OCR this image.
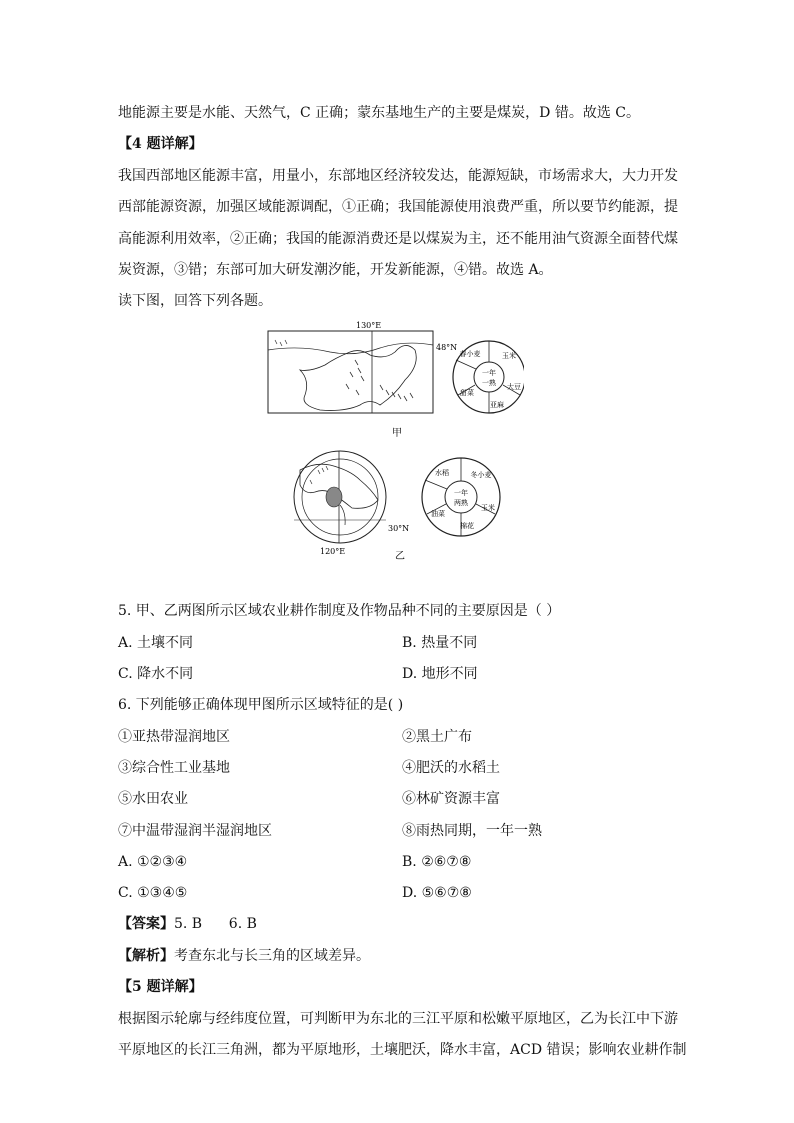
地能源主要是水能、天然气，C 正确；蒙东基地生产的主要是煤炭，D 错。故选 C。
【4 题详解】
我国西部地区能源丰富，用量小，东部地区经济较发达，能源短缺，市场需求大，大力开发
西部能源资源，加强区域能源调配，①正确；我国能源使用浪费严重，所以要节约能源，提
高能源利用效率，②正确；我国的能源消费还是以煤炭为主，还不能用油气资源全面替代煤
炭资源，③错；东部可加大研发潮汐能，开发新能源，④错。故选 A。
读下图，回答下列各题。
130°E
48°N
甲
一年
一熟
春小麦	玉米
大豆
亚麻
甜菜
30°N
120°E	乙
一年
两熟
水稻	冬小麦
玉米
棉花
油菜
5. 甲、乙两图所示区域农业耕作制度及作物品种不同的主要原因是（ ）
A. 土壤不同	B. 热量不同
C. 降水不同	D. 地形不同
6. 下列能够正确体现甲图所示区域特征的是( )
①亚热带湿润地区	②黑土广布
③综合性工业基地	④肥沃的水稻土
⑤水田农业	⑥林矿资源丰富
⑦中温带湿润半湿润地区	⑧雨热同期，一年一熟
A. ①②③④	B. ②⑥⑦⑧
C. ①③④⑤	D. ⑤⑥⑦⑧
【答案】5. B      6. B
【解析】考查东北与长三角的区域差异。
【5 题详解】
根据图示轮廓与经纬度位置，可判断甲为东北的三江平原和松嫩平原地区，乙为长江中下游
平原地区的长江三角洲，都为平原地形，土壤肥沃，降水丰富，ACD 错误；影响农业耕作制
